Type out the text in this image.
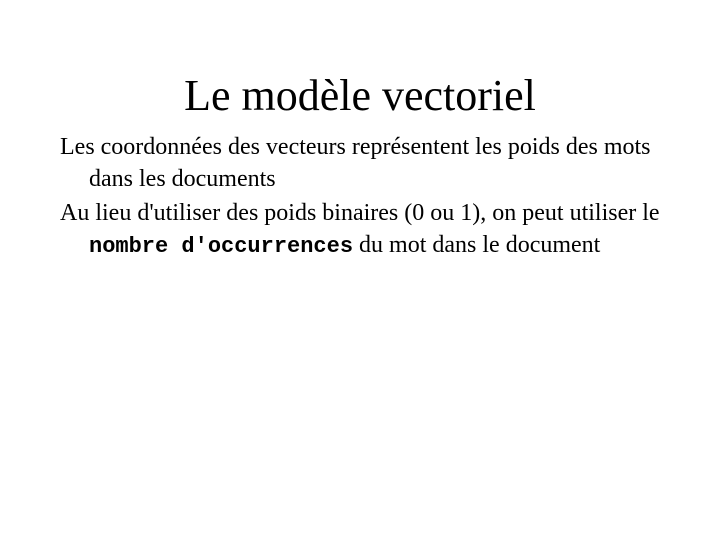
Le modèle vectoriel
Les coordonnées des vecteurs représentent les poids des mots dans les documents
Au lieu d'utiliser des poids binaires (0 ou 1), on peut utiliser le nombre d'occurrences du mot dans le document
